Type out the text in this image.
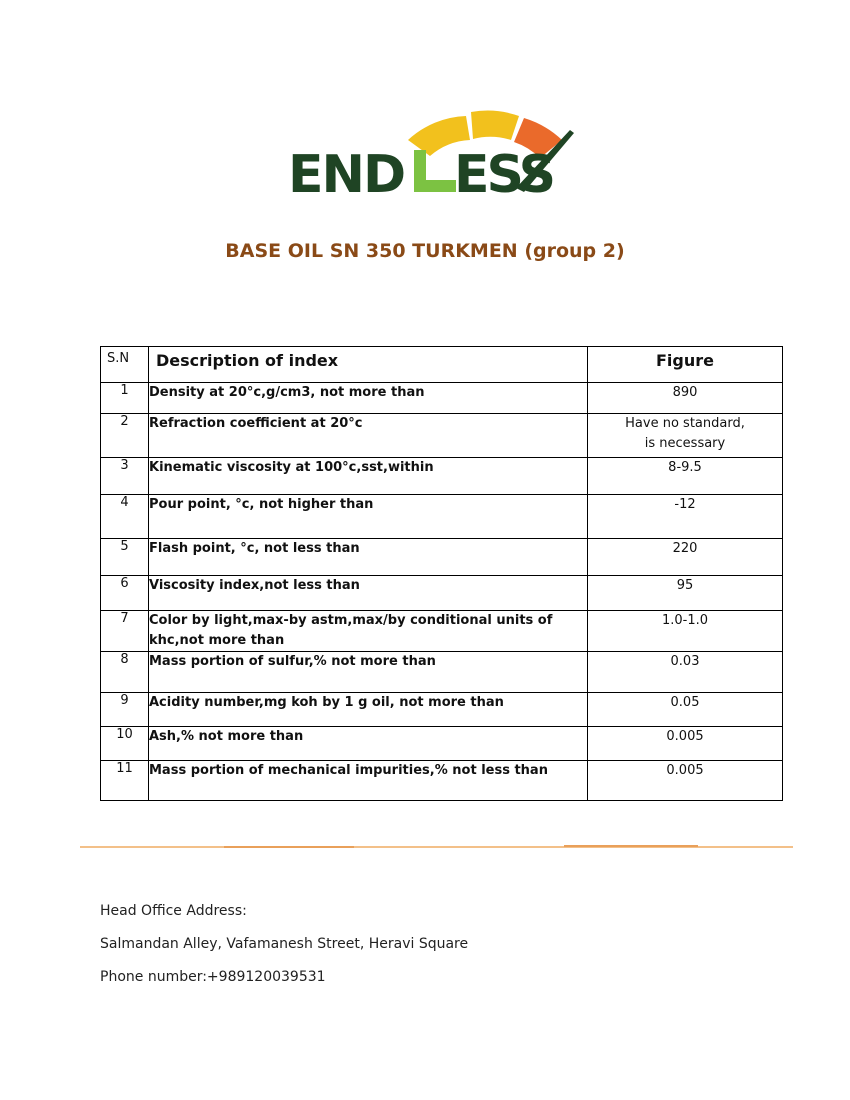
END ESS
BASE OIL SN 350 TURKMEN (group 2)
S.N	Description of index	Figure

1	Density at 20°c,g/cm3, not more than	890
2	Refraction coefficient at 20°c	Have no standard,
is necessary
3	Kinematic viscosity at 100°c,sst,within	8-9.5
4	Pour point, °c, not higher than	-12
5	Flash point, °c, not less than	220
6	Viscosity index,not less than	95
7	Color by light,max-by astm,max/by conditional units of khc,not more than	1.0-1.0
8	Mass portion of sulfur,% not more than	0.03
9	Acidity number,mg koh by 1 g oil, not more than	0.05
10	Ash,% not more than	0.005
11	Mass portion of mechanical impurities,% not less than	0.005
Head Office Address:
Salmandan Alley, Vafamanesh Street, Heravi Square
Phone number:+989120039531
